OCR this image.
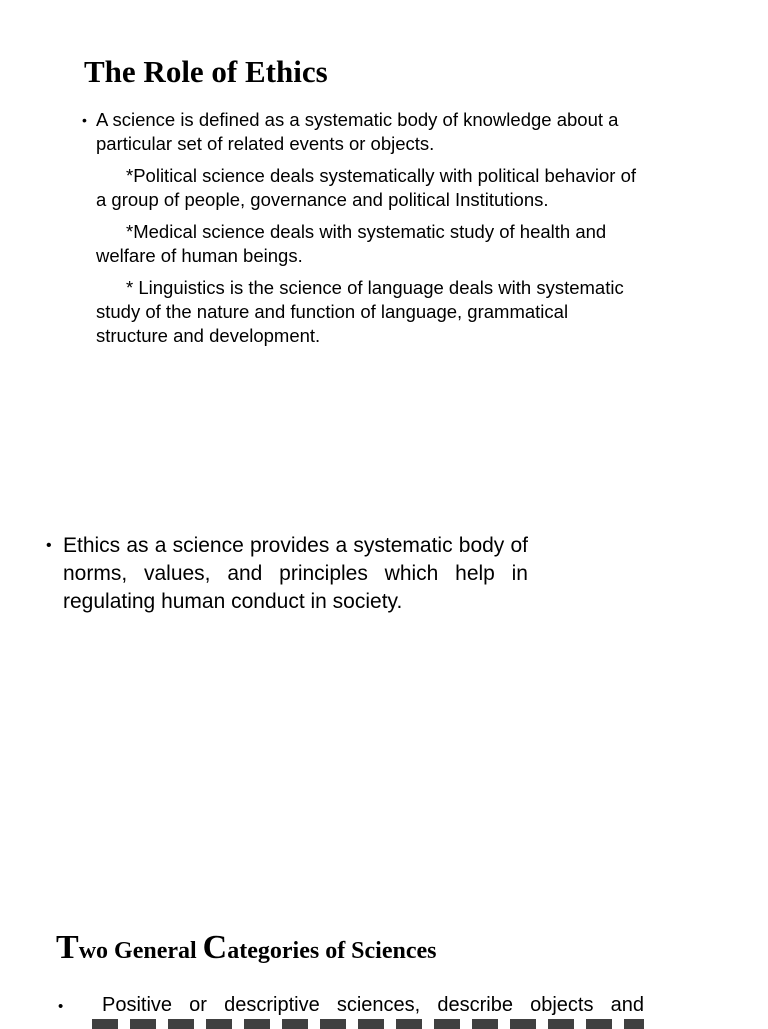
The Role of Ethics
• A science is defined as a systematic body of knowledge about a particular set of related events or objects.
*Political science deals systematically with political behavior of a group of people, governance and political Institutions.
*Medical science deals with systematic study of health and welfare of human beings.
* Linguistics is the science of language deals with systematic study of the nature and function of language, grammatical structure and development.
• Ethics as a science provides a systematic body of norms, values, and principles which help in regulating human conduct in society.
Two General Categories of Sciences
• Positive or descriptive sciences, describe objects and
